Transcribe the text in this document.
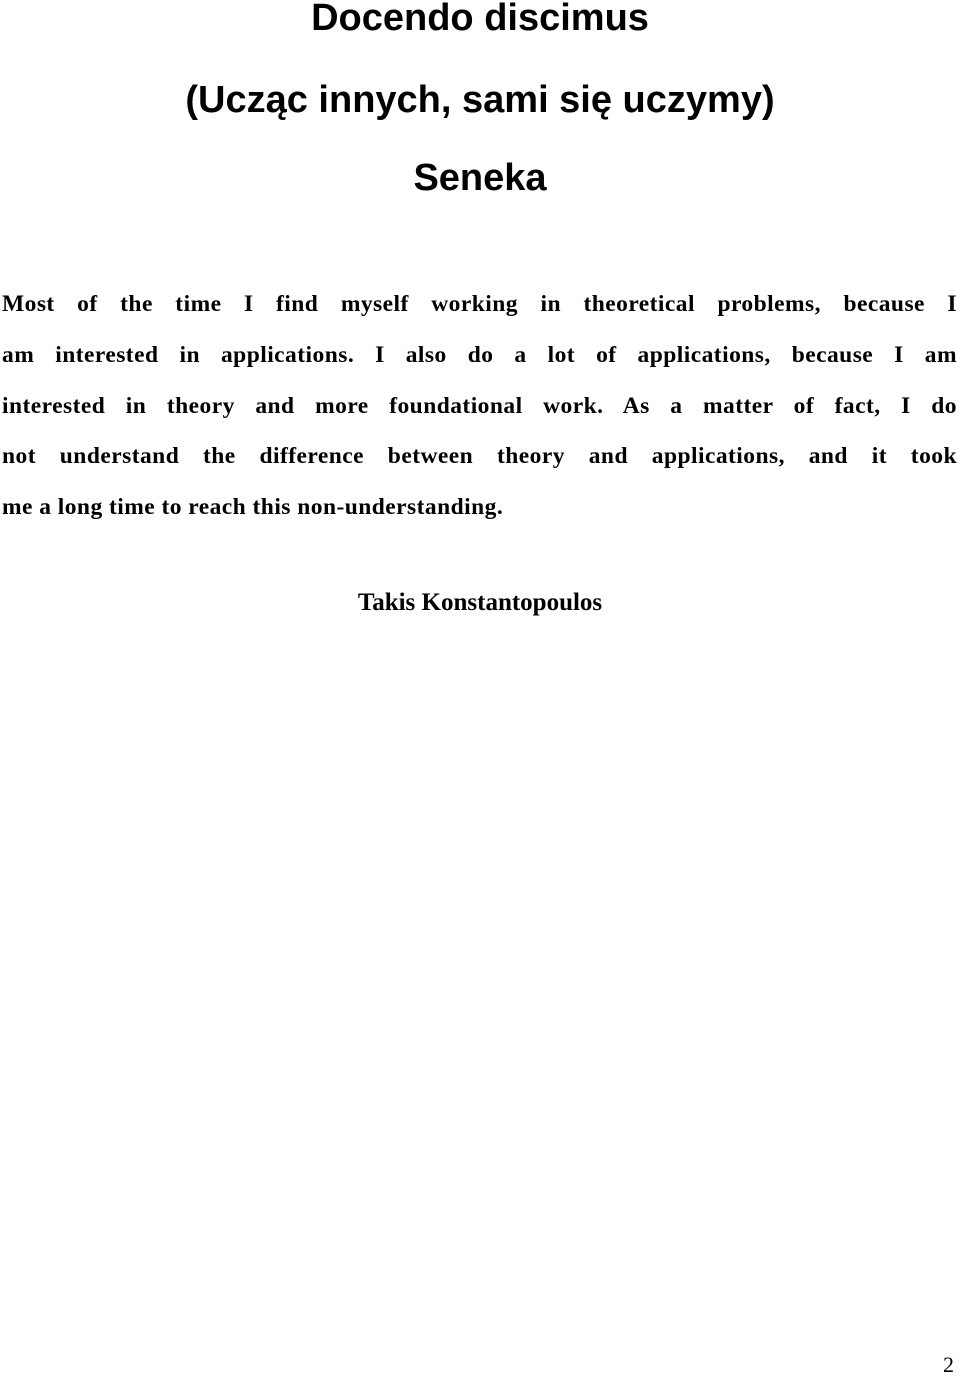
Docendo discimus
(Ucząc innych, sami się uczymy)
Seneka
Most of the time I find myself working in theoretical problems, because I
am interested in applications. I also do a lot of applications, because I am
interested in theory and more foundational work. As a matter of fact, I do
not understand the difference between theory and applications, and it took
me a long time to reach this non-understanding.

Takis Konstantopoulos

2
